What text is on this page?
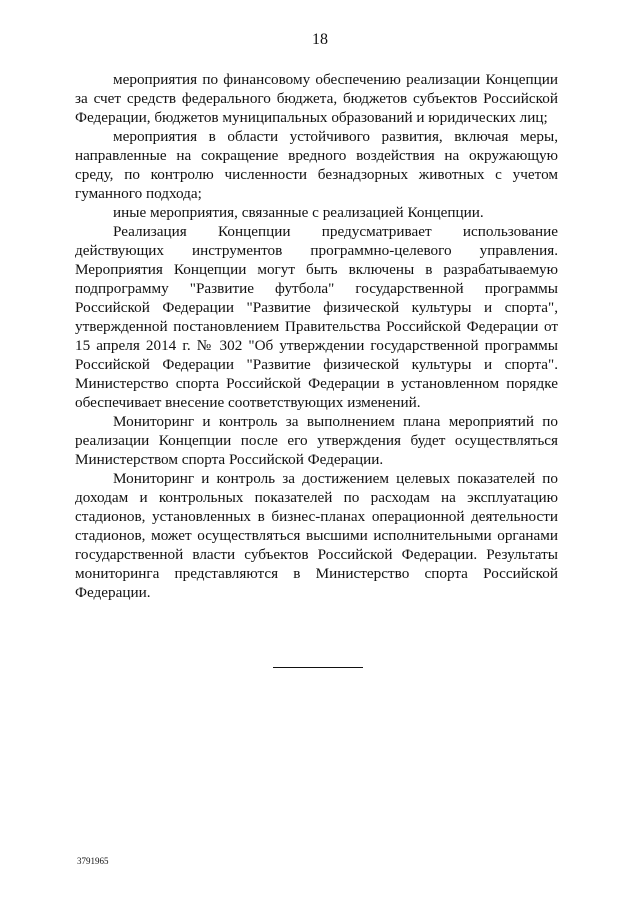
18

мероприятия по финансовому обеспечению реализации Концепции за счет средств федерального бюджета, бюджетов субъектов Российской Федерации, бюджетов муниципальных образований и юридических лиц;

мероприятия в области устойчивого развития, включая меры, направленные на сокращение вредного воздействия на окружающую среду, по контролю численности безнадзорных животных с учетом гуманного подхода;

иные мероприятия, связанные с реализацией Концепции.

Реализация Концепции предусматривает использование действующих инструментов программно-целевого управления. Мероприятия Концепции могут быть включены в разрабатываемую подпрограмму "Развитие футбола" государственной программы Российской Федерации "Развитие физической культуры и спорта", утвержденной постановлением Правительства Российской Федерации от 15 апреля 2014 г. № 302 "Об утверждении государственной программы Российской Федерации "Развитие физической культуры и спорта". Министерство спорта Российской Федерации в установленном порядке обеспечивает внесение соответствующих изменений.

Мониторинг и контроль за выполнением плана мероприятий по реализации Концепции после его утверждения будет осуществляться Министерством спорта Российской Федерации.

Мониторинг и контроль за достижением целевых показателей по доходам и контрольных показателей по расходам на эксплуатацию стадионов, установленных в бизнес-планах операционной деятельности стадионов, может осуществляться высшими исполнительными органами государственной власти субъектов Российской Федерации. Результаты мониторинга представляются в Министерство спорта Российской Федерации.

3791965
